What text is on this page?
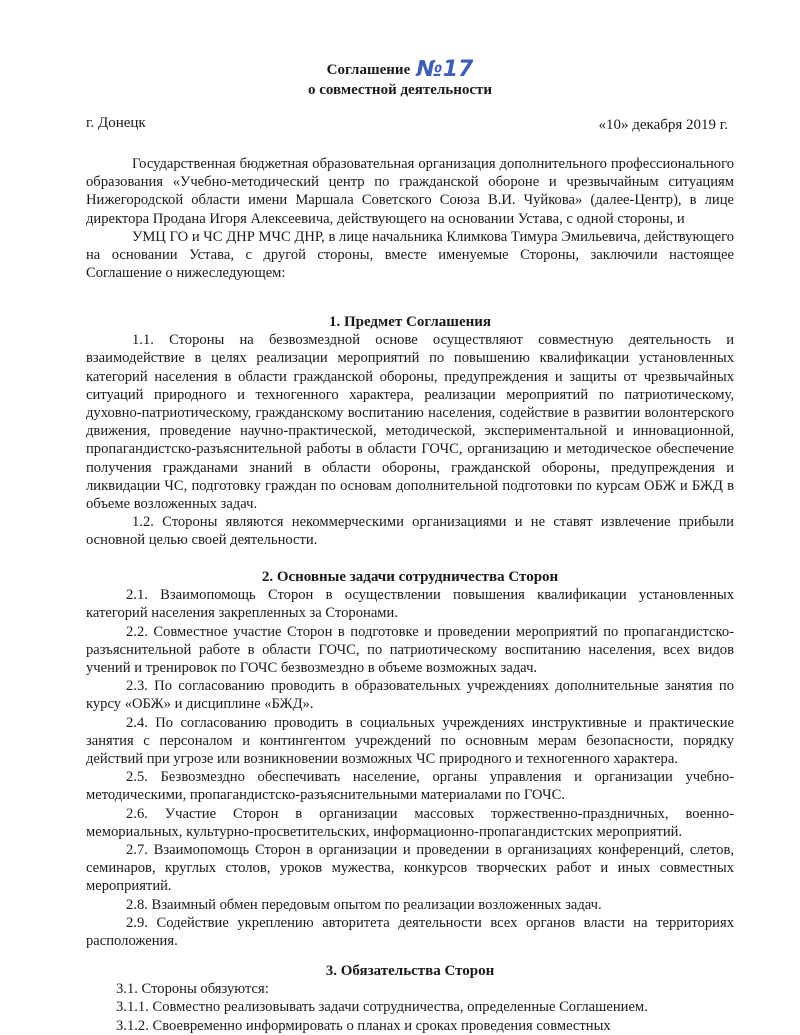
Соглашение №17
о совместной деятельности
г. Донецк	«10» декабря 2019 г.

Государственная бюджетная образовательная организация дополнительного профессионального образования «Учебно-методический центр по гражданской обороне и чрезвычайным ситуациям Нижегородской области имени Маршала Советского Союза В.И. Чуйкова» (далее-Центр), в лице директора Продана Игоря Алексеевича, действующего на основании Устава, с одной стороны, и

УМЦ ГО и ЧС ДНР МЧС ДНР, в лице начальника Климкова Тимура Эмильевича, действующего на основании Устава, с другой стороны, вместе именуемые Стороны, заключили настоящее Соглашение о нижеследующем:

1. Предмет Соглашения

1.1. Стороны на безвозмездной основе осуществляют совместную деятельность и взаимодействие в целях реализации мероприятий по повышению квалификации установленных категорий населения в области гражданской обороны, предупреждения и защиты от чрезвычайных ситуаций природного и техногенного характера, реализации мероприятий по патриотическому, духовно-патриотическому, гражданскому воспитанию населения, содействие в развитии волонтерского движения, проведение научно-практической, методической, экспериментальной и инновационной, пропагандистско-разъяснительной работы в области ГОЧС, организацию и методическое обеспечение получения гражданами знаний в области обороны, гражданской обороны, предупреждения и ликвидации ЧС, подготовку граждан по основам дополнительной подготовки по курсам ОБЖ и БЖД в объеме возложенных задач.

1.2. Стороны являются некоммерческими организациями и не ставят извлечение прибыли основной целью своей деятельности.

2. Основные задачи сотрудничества Сторон

2.1. Взаимопомощь Сторон в осуществлении повышения квалификации установленных категорий населения закрепленных за Сторонами.

2.2. Совместное участие Сторон в подготовке и проведении мероприятий по пропагандистско-разъяснительной работе в области ГОЧС, по патриотическому воспитанию населения, всех видов учений и тренировок по ГОЧС безвозмездно в объеме возможных задач.

2.3. По согласованию проводить в образовательных учреждениях дополнительные занятия по курсу «ОБЖ» и дисциплине «БЖД».

2.4. По согласованию проводить в социальных учреждениях инструктивные и практические занятия с персоналом и контингентом учреждений по основным мерам безопасности, порядку действий при угрозе или возникновении возможных ЧС природного и техногенного характера.

2.5. Безвозмездно обеспечивать население, органы управления и организации учебно-методическими, пропагандистско-разъяснительными материалами по ГОЧС.

2.6. Участие Сторон в организации массовых торжественно-праздничных, военно-мемориальных, культурно-просветительских, информационно-пропагандистских мероприятий.

2.7. Взаимопомощь Сторон в организации и проведении в организациях конференций, слетов, семинаров, круглых столов, уроков мужества, конкурсов творческих работ и иных совместных мероприятий.

2.8. Взаимный обмен передовым опытом по реализации возложенных задач.

2.9. Содействие укреплению авторитета деятельности всех органов власти на территориях расположения.

3. Обязательства Сторон

3.1. Стороны обязуются:

3.1.1. Совместно реализовывать задачи сотрудничества, определенные Соглашением.

3.1.2. Своевременно информировать о планах и сроках проведения совместных
